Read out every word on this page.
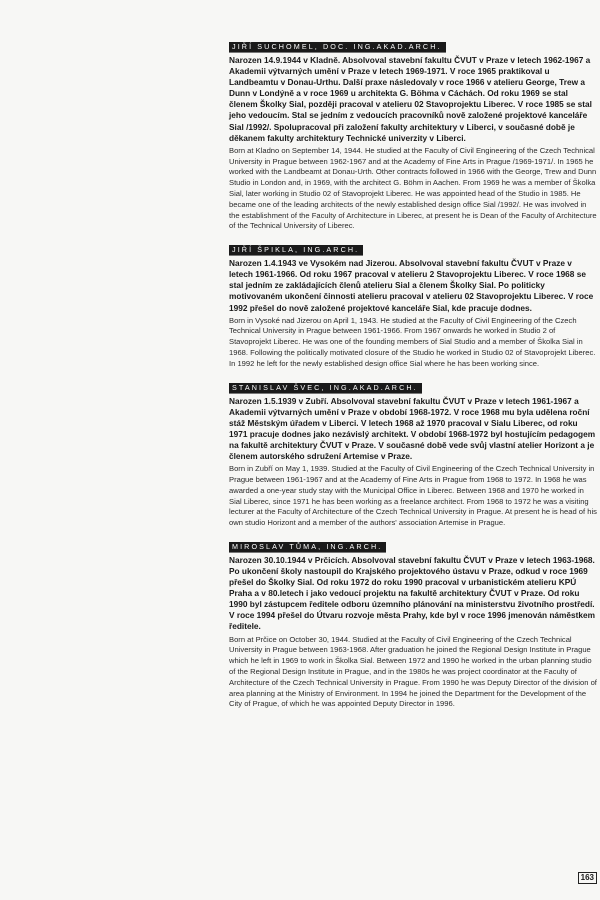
JIŘÍ SUCHOMEL, DOC. ING.AKAD.ARCH.

Narozen 14.9.1944 v Kladně. Absolvoval stavební fakultu ČVUT v Praze v letech 1962-1967 a Akademii výtvarných umění v Praze v letech 1969-1971. V roce 1965 praktikoval u Landbeamtu v Donau-Urthu. Další praxe následovaly v roce 1966 v atelieru George, Trew a Dunn v Londýně a v roce 1969 u architekta G. Böhma v Cáchách. Od roku 1969 se stal členem Školky Sial, později pracoval v atelieru 02 Stavoprojektu Liberec. V roce 1985 se stal jeho vedoucím. Stal se jedním z vedoucích pracovníků nově založené projektové kanceláře Sial /1992/. Spolupracoval při založení fakulty architektury v Liberci, v současné době je děkanem fakulty architektury Technické univerzity v Liberci.

Born at Kladno on September 14, 1944. He studied at the Faculty of Civil Engineering of the Czech Technical University in Prague between 1962-1967 and at the Academy of Fine Arts in Prague /1969-1971/. In 1965 he worked with the Landbeamt at Donau-Urth. Other contracts followed in 1966 with the George, Trew and Dunn Studio in London and, in 1969, with the architect G. Böhm in Aachen. From 1969 he was a member of Školka Sial, later working in Studio 02 of Stavoprojekt Liberec. He was appointed head of the Studio in 1985. He became one of the leading architects of the newly established design office Sial /1992/. He was involved in the establishment of the Faculty of Architecture in Liberec, at present he is Dean of the Faculty of Architecture of the Technical University of Liberec.

JIŘÍ ŠPIKLA, ING.ARCH.

Narozen 1.4.1943 ve Vysokém nad Jizerou. Absolvoval stavební fakultu ČVUT v Praze v letech 1961-1966. Od roku 1967 pracoval v atelieru 2 Stavoprojektu Liberec. V roce 1968 se stal jedním ze zakládajících členů atelieru Sial a členem Školky Sial. Po politicky motivovaném ukončení činnosti atelieru pracoval v atelieru 02 Stavoprojektu Liberec. V roce 1992 přešel do nově založené projektové kanceláře Sial, kde pracuje dodnes.

Born in Vysoké nad Jizerou on April 1, 1943. He studied at the Faculty of Civil Engineering of the Czech Technical University in Prague between 1961-1966. From 1967 onwards he worked in Studio 2 of Stavoprojekt Liberec. He was one of the founding members of Sial Studio and a member of Školka Sial in 1968. Following the politically motivated closure of the Studio he worked in Studio 02 of Stavoprojekt Liberec. In 1992 he left for the newly established design office Sial where he has been working since.

STANISLAV ŠVEC, ING.AKAD.ARCH.

Narozen 1.5.1939 v Zubří. Absolvoval stavební fakultu ČVUT v Praze v letech 1961-1967 a Akademii výtvarných umění v Praze v období 1968-1972. V roce 1968 mu byla udělena roční stáž Městským úřadem v Liberci. V letech 1968 až 1970 pracoval v Sialu Liberec, od roku 1971 pracuje dodnes jako nezávislý architekt. V období 1968-1972 byl hostujícím pedagogem na fakultě architektury ČVUT v Praze. V současné době vede svůj vlastní atelier Horizont a je členem autorského sdružení Artemise v Praze.

Born in Zubří on May 1, 1939. Studied at the Faculty of Civil Engineering of the Czech Technical University in Prague between 1961-1967 and at the Academy of Fine Arts in Prague from 1968 to 1972. In 1968 he was awarded a one-year study stay with the Municipal Office in Liberec. Between 1968 and 1970 he worked in Sial Liberec, since 1971 he has been working as a freelance architect. From 1968 to 1972 he was a visiting lecturer at the Faculty of Architecture of the Czech Technical University in Prague. At present he is head of his own studio Horizont and a member of the authors' association Artemise in Prague.

MIROSLAV TŮMA, ING.ARCH.

Narozen 30.10.1944 v Prčicích. Absolvoval stavební fakultu ČVUT v Praze v letech 1963-1968. Po ukončení školy nastoupil do Krajského projektového ústavu v Praze, odkud v roce 1969 přešel do Školky Sial. Od roku 1972 do roku 1990 pracoval v urbanistickém atelieru KPÚ Praha a v 80.letech i jako vedoucí projektu na fakultě architektury ČVUT v Praze. Od roku 1990 byl zástupcem ředitele odboru územního plánování na ministerstvu životního prostředí. V roce 1994 přešel do Útvaru rozvoje města Prahy, kde byl v roce 1996 jmenován náměstkem ředitele.

Born at Prčice on October 30, 1944. Studied at the Faculty of Civil Engineering of the Czech Technical University in Prague between 1963-1968. After graduation he joined the Regional Design Institute in Prague which he left in 1969 to work in Školka Sial. Between 1972 and 1990 he worked in the urban planning studio of the Regional Design Institute in Prague, and in the 1980s he was project coordinator at the Faculty of Architecture of the Czech Technical University in Prague. From 1990 he was Deputy Director of the division of area planning at the Ministry of Environment. In 1994 he joined the Department for the Development of the City of Prague, of which he was appointed Deputy Director in 1996.

163
